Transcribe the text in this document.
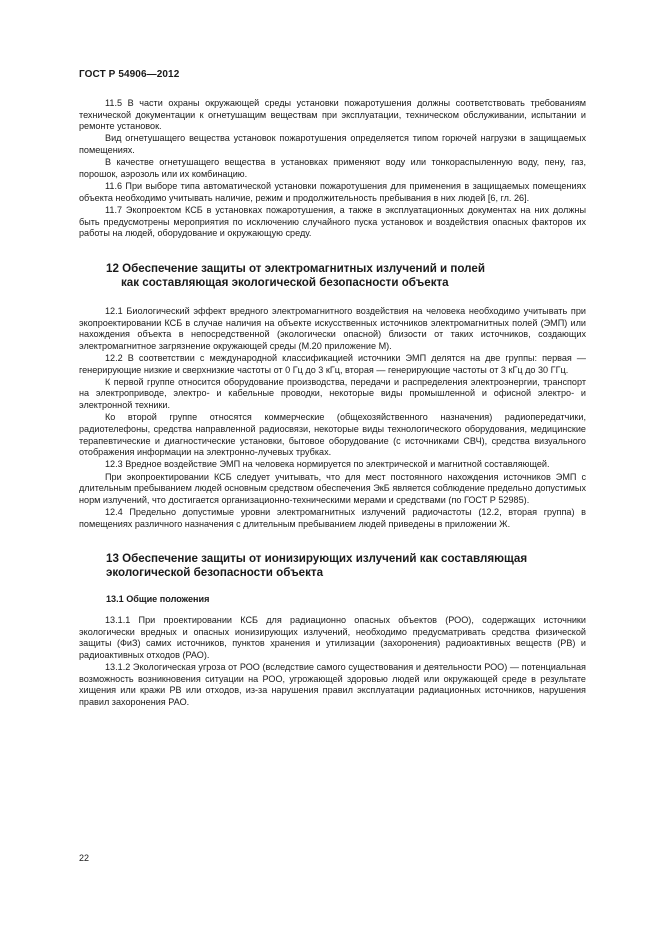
ГОСТ Р 54906—2012

11.5 В части охраны окружающей среды установки пожаротушения должны соответствовать требованиям технической документации к огнетушащим веществам при эксплуатации, техническом обслуживании, испытании и ремонте установок.

Вид огнетушащего вещества установок пожаротушения определяется типом горючей нагрузки в защищаемых помещениях.

В качестве огнетушащего вещества в установках применяют воду или тонкораспыленную воду, пену, газ, порошок, аэрозоль или их комбинацию.

11.6 При выборе типа автоматической установки пожаротушения для применения в защищаемых помещениях объекта необходимо учитывать наличие, режим и продолжительность пребывания в них людей [6, гл. 26].

11.7 Экопроектом КСБ в установках пожаротушения, а также в эксплуатационных документах на них должны быть предусмотрены мероприятия по исключению случайного пуска установок и воздействия опасных факторов их работы на людей, оборудование и окружающую среду.

12 Обеспечение защиты от электромагнитных излучений и полей
как составляющая экологической безопасности объекта

12.1 Биологический эффект вредного электромагнитного воздействия на человека необходимо учитывать при экопроектировании КСБ в случае наличия на объекте искусственных источников электромагнитных полей (ЭМП) или нахождения объекта в непосредственной (экологически опасной) близости от таких источников, создающих электромагнитное загрязнение окружающей среды (М.20 приложение М).

12.2 В соответствии с международной классификацией источники ЭМП делятся на две группы: первая — генерирующие низкие и сверхнизкие частоты от 0 Гц до 3 кГц, вторая — генерирующие частоты от 3 кГц до 30 ГГц.

К первой группе относится оборудование производства, передачи и распределения электроэнергии, транспорт на электроприводе, электро- и кабельные проводки, некоторые виды промышленной и офисной электро- и электронной техники.

Ко второй группе относятся коммерческие (общехозяйственного назначения) радиопередатчики, радиотелефоны, средства направленной радиосвязи, некоторые виды технологического оборудования, медицинские терапевтические и диагностические установки, бытовое оборудование (с источниками СВЧ), средства визуального отображения информации на электронно-лучевых трубках.

12.3 Вредное воздействие ЭМП на человека нормируется по электрической и магнитной составляющей.

При экопроектировании КСБ следует учитывать, что для мест постоянного нахождения источников ЭМП с длительным пребыванием людей основным средством обеспечения ЭкБ является соблюдение предельно допустимых норм излучений, что достигается организационно-техническими мерами и средствами (по ГОСТ Р 52985).

12.4 Предельно допустимые уровни электромагнитных излучений радиочастоты (12.2, вторая группа) в помещениях различного назначения с длительным пребыванием людей приведены в приложении Ж.

13 Обеспечение защиты от ионизирующих излучений как составляющая
экологической безопасности объекта
13.1 Общие положения

13.1.1 При проектировании КСБ для радиационно опасных объектов (РОО), содержащих источники экологически вредных и опасных ионизирующих излучений, необходимо предусматривать средства физической защиты (ФиЗ) самих источников, пунктов хранения и утилизации (захоронения) радиоактивных веществ (РВ) и радиоактивных отходов (РАО).

13.1.2 Экологическая угроза от РОО (вследствие самого существования и деятельности РОО) — потенциальная возможность возникновения ситуации на РОО, угрожающей здоровью людей или окружающей среде в результате хищения или кражи РВ или отходов, из-за нарушения правил эксплуатации радиационных источников, нарушения правил захоронения РАО.

22
